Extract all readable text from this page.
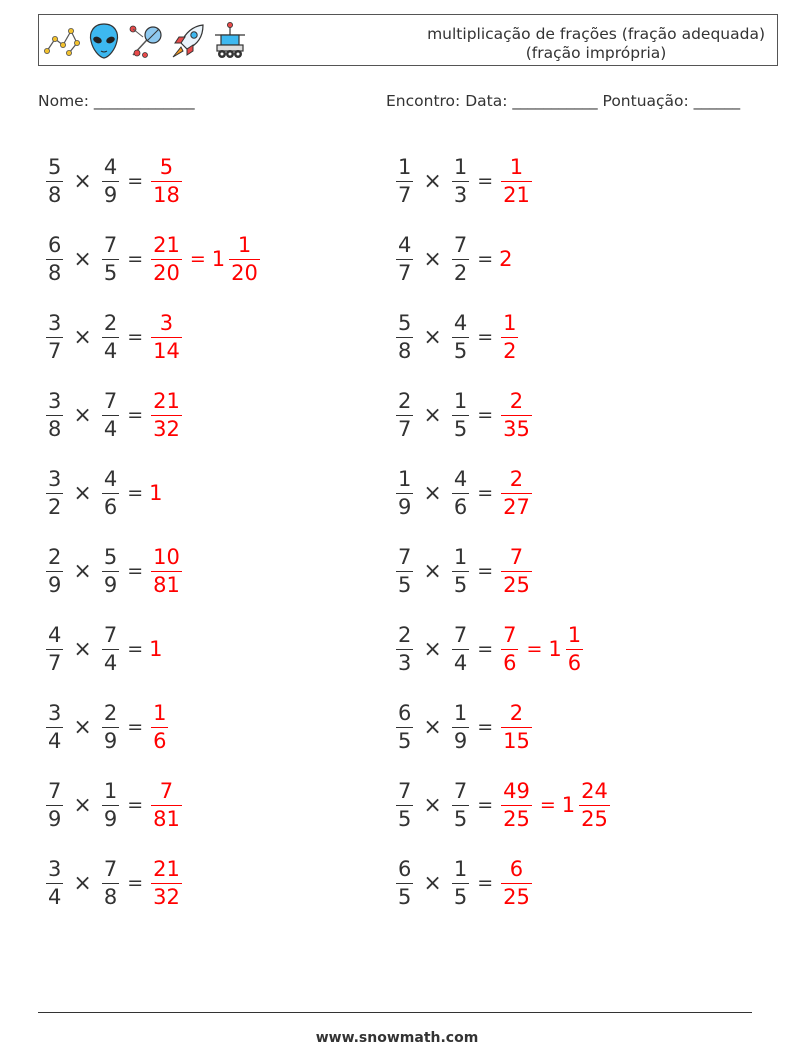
multiplicação de frações (fração adequada)
(fração imprópria)
Nome: _____________	Encontro: Data: ___________ Pontuação: ______
$\frac{5}{8} \times \frac{4}{9} = \frac{5}{18}$
$\frac{6}{8} \times \frac{7}{5} = \frac{21}{20} = 1 \frac{1}{20}$
$\frac{3}{7} \times \frac{2}{4} = \frac{3}{14}$
$\frac{3}{8} \times \frac{7}{4} = \frac{21}{32}$
$\frac{3}{2} \times \frac{4}{6} = 1$
$\frac{2}{9} \times \frac{5}{9} = \frac{10}{81}$
$\frac{4}{7} \times \frac{7}{4} = 1$
$\frac{3}{4} \times \frac{2}{9} = \frac{1}{6}$
$\frac{7}{9} \times \frac{1}{9} = \frac{7}{81}$
$\frac{3}{4} \times \frac{7}{8} = \frac{21}{32}$
$\frac{1}{7} \times \frac{1}{3} = \frac{1}{21}$
$\frac{4}{7} \times \frac{7}{2} = 2$
$\frac{5}{8} \times \frac{4}{5} = \frac{1}{2}$
$\frac{2}{7} \times \frac{1}{5} = \frac{2}{35}$
$\frac{1}{9} \times \frac{4}{6} = \frac{2}{27}$
$\frac{7}{5} \times \frac{1}{5} = \frac{7}{25}$
$\frac{2}{3} \times \frac{7}{4} = \frac{7}{6} = 1 \frac{1}{6}$
$\frac{6}{5} \times \frac{1}{9} = \frac{2}{15}$
$\frac{7}{5} \times \frac{7}{5} = \frac{49}{25} = 1 \frac{24}{25}$
$\frac{6}{5} \times \frac{1}{5} = \frac{6}{25}$
www.snowmath.com
